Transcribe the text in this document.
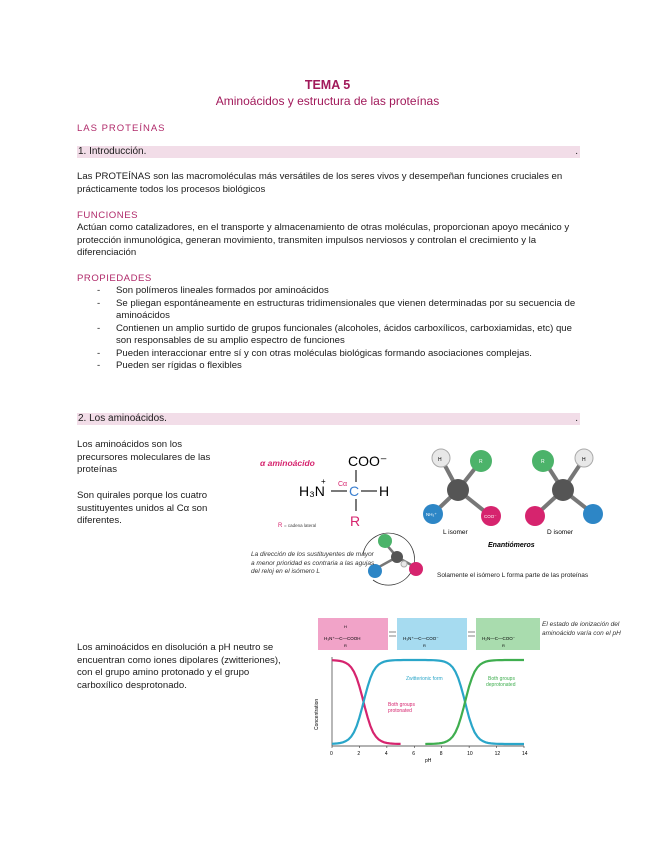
TEMA 5
Aminoácidos y estructura de las proteínas
LAS PROTEÍNAS
1. Introducción.	.
Las PROTEÍNAS son las macromoléculas más versátiles de los seres vivos y desempeñan funciones cruciales en prácticamente todos los procesos biológicos
FUNCIONES
Actúan como catalizadores, en el transporte y almacenamiento de otras moléculas, proporcionan apoyo mecánico y protección inmunológica, generan movimiento, transmiten impulsos nerviosos y controlan el crecimiento y la diferenciación
PROPIEDADES
- Son polímeros lineales formados por aminoácidos
- Se pliegan espontáneamente en estructuras tridimensionales que vienen determinadas por su secuencia de aminoácidos
- Contienen un amplio surtido de grupos funcionales (alcoholes, ácidos carboxílicos, carboxiamidas, etc) que son responsables de su amplio espectro de funciones
- Pueden interaccionar entre sí y con otras moléculas biológicas formando asociaciones complejas.
- Pueden ser rígidas o flexibles
2. Los aminoácidos.	.
Los aminoácidos son los precursores moleculares de las proteínas
Son quirales porque los cuatro sustituyentes unidos al Cα son diferentes.
Los aminoácidos en disolución a pH neutro se encuentran como iones dipolares (zwitteriones), con el grupo amino protonado y el grupo carboxílico desprotonado.
α aminoácido COO⁻
H₃N
+
C
Cα H
R
R = cadena lateral
H	R
NH₃⁺	COO⁻
L isomer
R	H
D isomer
Enantiómeros
La dirección de los sustituyentes de mayor a menor prioridad es contraria a las agujas del reloj en el isómero L
Solamente el isómero L forma parte de las proteínas
El estado de ionización del aminoácido varía con el pH
H
H₃N⁺—C—COOH
R
H₃N⁺—C—COO⁻
R
H₂N—C—COO⁻
R
0	2	4	6	8	10	12	14
Concentration
pH
Zwitterionic form
Both groups protonated
Both groups deprotonated
